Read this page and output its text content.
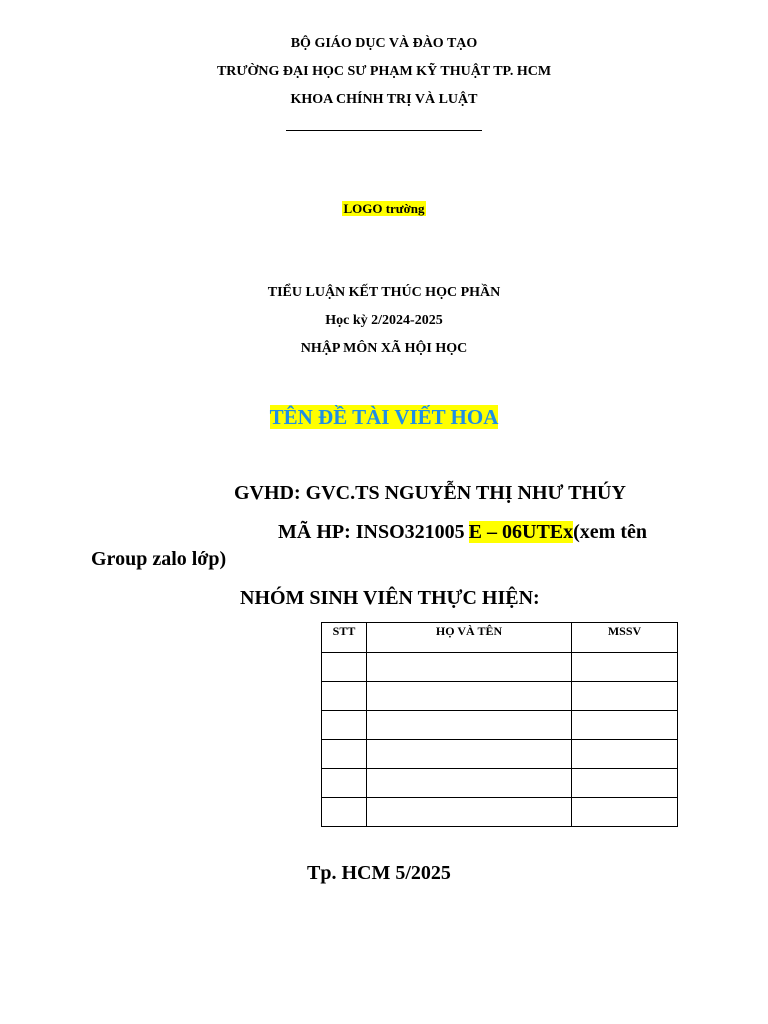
BỘ GIÁO DỤC VÀ ĐÀO TẠO
TRƯỜNG ĐẠI HỌC SƯ PHẠM KỸ THUẬT TP. HCM
KHOA CHÍNH TRỊ VÀ LUẬT
LOGO trường
TIỂU LUẬN KẾT THÚC HỌC PHẦN
Học kỳ 2/2024-2025
NHẬP MÔN XÃ HỘI HỌC
TÊN ĐỀ TÀI VIẾT HOA
GVHD: GVC.TS NGUYỄN THỊ NHƯ THÚY
MÃ HP: INSO321005 E – 06UTEx(xem tên
Group zalo lớp)
NHÓM SINH VIÊN THỰC HIỆN:
STT	HỌ VÀ TÊN	MSSV

Tp. HCM 5/2025
